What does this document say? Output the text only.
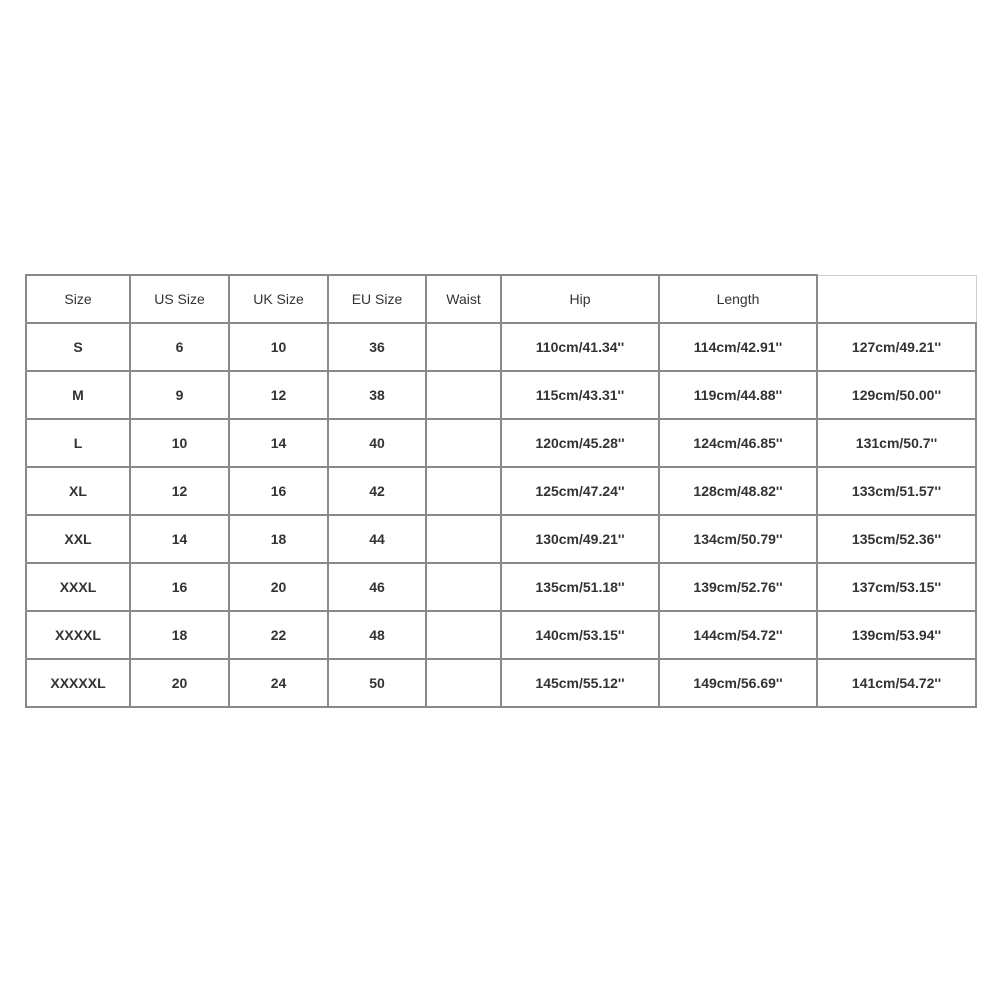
Size	US Size	UK Size	EU Size	Waist	Hip	Length	
S	6	10	36		110cm/41.34''	114cm/42.91''	127cm/49.21''
M	9	12	38		115cm/43.31''	119cm/44.88''	129cm/50.00''
L	10	14	40		120cm/45.28''	124cm/46.85''	131cm/50.7''
XL	12	16	42		125cm/47.24''	128cm/48.82''	133cm/51.57''
XXL	14	18	44		130cm/49.21''	134cm/50.79''	135cm/52.36''
XXXL	16	20	46		135cm/51.18''	139cm/52.76''	137cm/53.15''
XXXXL	18	22	48		140cm/53.15''	144cm/54.72''	139cm/53.94''
XXXXXL	20	24	50		145cm/55.12''	149cm/56.69''	141cm/54.72''
